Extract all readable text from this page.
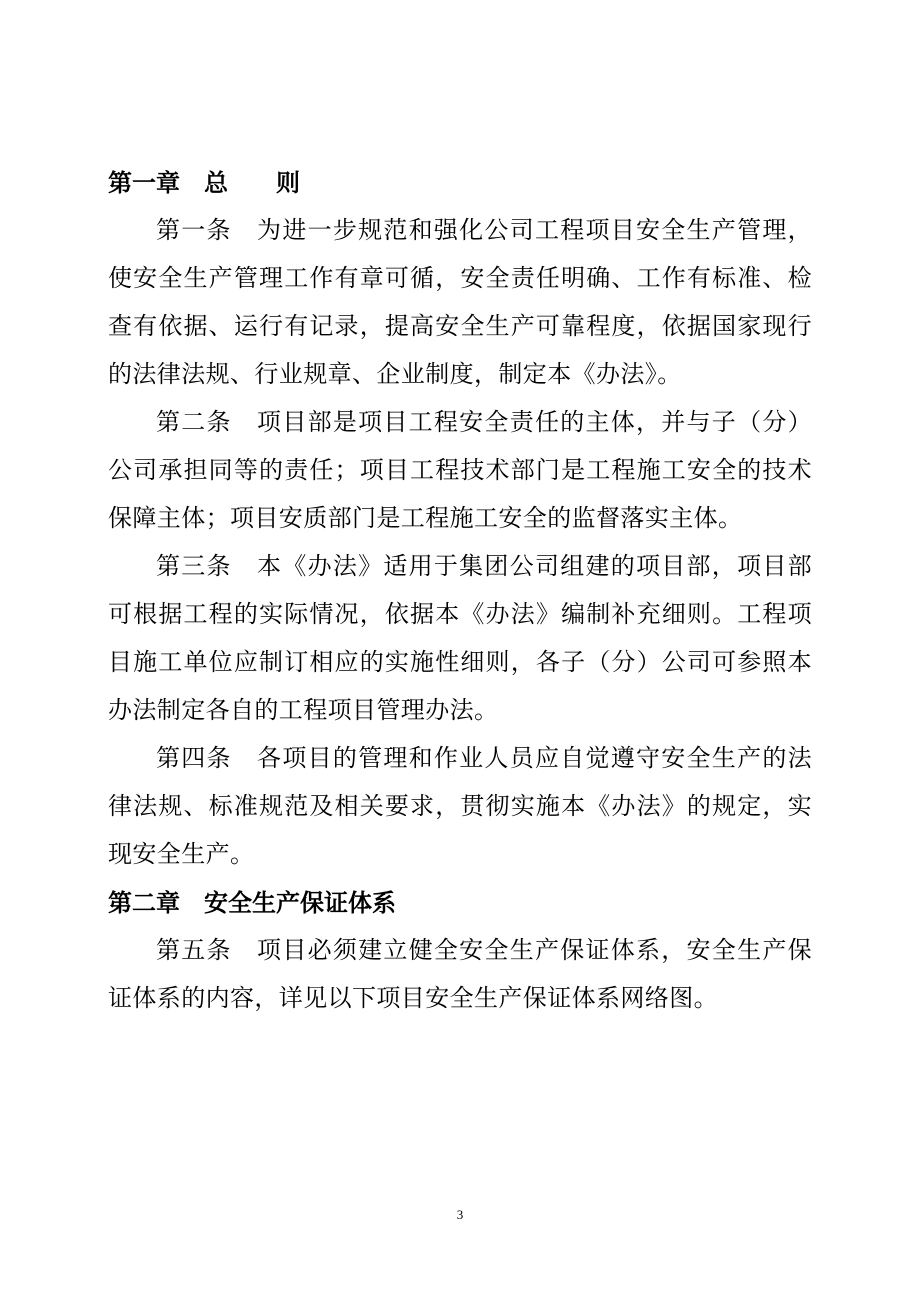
第一章　总　　则

第一条　为进一步规范和强化公司工程项目安全生产管理，使安全生产管理工作有章可循，安全责任明确、工作有标准、检查有依据、运行有记录，提高安全生产可靠程度，依据国家现行的法律法规、行业规章、企业制度，制定本《办法》。

第二条　项目部是项目工程安全责任的主体，并与子（分）公司承担同等的责任；项目工程技术部门是工程施工安全的技术保障主体；项目安质部门是工程施工安全的监督落实主体。

第三条　本《办法》适用于集团公司组建的项目部，项目部可根据工程的实际情况，依据本《办法》编制补充细则。工程项目施工单位应制订相应的实施性细则，各子（分）公司可参照本办法制定各自的工程项目管理办法。

第四条　各项目的管理和作业人员应自觉遵守安全生产的法律法规、标准规范及相关要求，贯彻实施本《办法》的规定，实现安全生产。

第二章　安全生产保证体系

第五条　项目必须建立健全安全生产保证体系，安全生产保证体系的内容，详见以下项目安全生产保证体系网络图。

3
